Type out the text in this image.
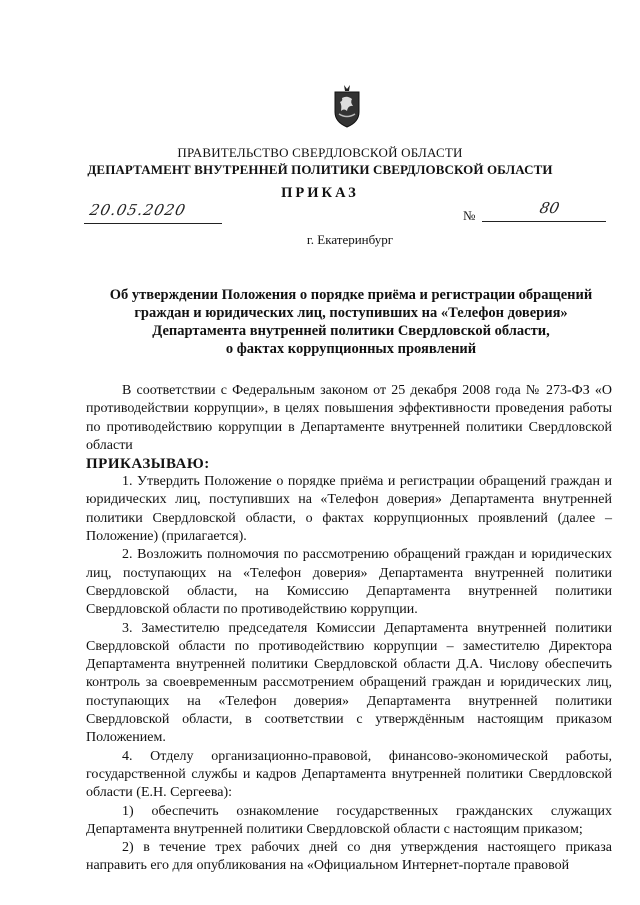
ПРАВИТЕЛЬСТВО СВЕРДЛОВСКОЙ ОБЛАСТИ
ДЕПАРТАМЕНТ ВНУТРЕННЕЙ ПОЛИТИКИ СВЕРДЛОВСКОЙ ОБЛАСТИ
ПРИКАЗ
20.05.2020	№	80
г. Екатеринбург
Об утверждении Положения о порядке приёма и регистрации обращений
граждан и юридических лиц, поступивших на «Телефон доверия»
Департамента внутренней политики Свердловской области,
о фактах коррупционных проявлений

В соответствии с Федеральным законом от 25 декабря 2008 года № 273-ФЗ «О противодействии коррупции», в целях повышения эффективности проведения работы по противодействию коррупции в Департаменте внутренней политики Свердловской области

ПРИКАЗЫВАЮ:

1. Утвердить Положение о порядке приёма и регистрации обращений граждан и юридических лиц, поступивших на «Телефон доверия» Департамента внутренней политики Свердловской области, о фактах коррупционных проявлений (далее – Положение) (прилагается).

2. Возложить полномочия по рассмотрению обращений граждан и юридических лиц, поступающих на «Телефон доверия» Департамента внутренней политики Свердловской области, на Комиссию Департамента внутренней политики Свердловской области по противодействию коррупции.

3. Заместителю председателя Комиссии Департамента внутренней политики Свердловской области по противодействию коррупции – заместителю Директора Департамента внутренней политики Свердловской области Д.А. Числову обеспечить контроль за своевременным рассмотрением обращений граждан и юридических лиц, поступающих на «Телефон доверия» Департамента внутренней политики Свердловской области, в соответствии с утверждённым настоящим приказом Положением.

4. Отделу организационно-правовой, финансово-экономической работы, государственной службы и кадров Департамента внутренней политики Свердловской области (Е.Н. Сергеева):

1) обеспечить ознакомление государственных гражданских служащих Департамента внутренней политики Свердловской области с настоящим приказом;

2) в течение трех рабочих дней со дня утверждения настоящего приказа направить его для опубликования на «Официальном Интернет-портале правовой
